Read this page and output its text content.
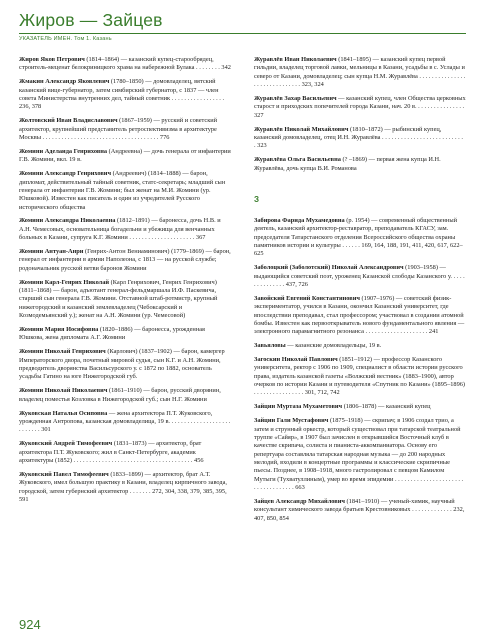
Жиров — Зайцев
УКАЗАТЕЛЬ ИМЕН. Том 1. Казань
Жиров Яков Петрович (1814–1864) — казанский купец-старообрядец, строитель-меценат белокриницкого храма на набережной Булака . . . . . . . . 342
Жмакин Александр Яковлевич (1780–1850) — домовладелец, вятский казанский вице-губернатор, затем симбирский губернатор, с 1837 — член совета Министерства внутренних дел, тайный советник . . . . . . . . . . . . . . . . . 236, 378
Жолтовский Иван Владиславович (1867–1959) — русский и советский архитектор, крупнейший представитель ретроспективизма в архитектуре Москвы . . . . . . . . . . . . . . . . . . . . . . . . . . . . . . . . . . . . . 776
Жомини Аделаида Генриховна (Андреевна) — дочь генерала от инфантерии Г.В. Жомини, вкл. 19 в.
Жомини Александр Генрихович (Андреевич) (1814–1888) — барон, дипломат, действительный тайный советник, статс-секретарь; младший сын генерала от инфантерии Г.В. Жомини; был женат на М.И. Жомини (ур. Юшковой). Известен как писатель и один из учредителей Русского исторического общества
Жомини Александра Николаевна (1812–1891) — баронесса, дочь Н.В. и А.Н. Чемесовых, основательница богадельни и убежища для венчанных больных в Казани, супруга К.Г. Жомини . . . . . . . . . . . . . . . . . . . . . 367
Жомини Антуан-Анри (Генрих-Антон Вениаминович) (1779–1869) — барон, генерал от инфантерии в армии Наполеона, с 1813 — на русской службе; родоначальник русской ветви баронов Жомини
Жомини Карл-Генрих Николай (Карл Генрихович, Генрих Генрихович) (1811–1868) — барон, адъютант генерал-фельдмаршала И.Ф. Паскевича, старший сын генерала Г.В. Жомини. Отставной штаб-ротмистр, крупный нижегородский и казанский землевладелец (Чебоксарский и Козмодемьянский у.); женат на А.Н. Жомини (ур. Чемесовой)
Жомини Мария Иосифовна (1820–1886) — баронесса, урожденная Юшкова, жена дипломата А.Г. Жомини
Жомини Николай Генрихович (Карлович) (1837–1902) — барон, камергер Императорского двора, почетный мировой судья, сын К.Г. и А.Н. Жомини, предводитель дворянства Васильсурского у. с 1872 по 1882, основатель усадьбы Гатино на юге Нижегородской губ.
Жомини Николай Николаевич (1861–1910) — барон, русский дворянин, владелец поместья Козловка в Нижегородской губ.; сын Н.Г. Жомини
Жуковская Наталья Осиповна — жена архитектора П.Т. Жуковского, урожденная Антропова, казанская домовладелица, 19 в. . . . . . . . . . . . . . . . . . . . . . . . . . . 301
Жуковский Андрей Тимофеевич (1831–1873) — архитектор, брат архитектора П.Т. Жуковского; жил в Санкт-Петербурге, академик архитектуры (1852) . . . . . . . . . . . . . . . . . . . . . . . . . . . . . . . . . . . . . . 456
Жуковский Павел Тимофеевич (1833–1899) — архитектор, брат А.Т. Жуковского, имел большую практику в Казани, владелец кирпичного завода, городской, затем губернский архитектор . . . . . . . 272, 304, 338, 379, 385, 395, 591
Журавлёв Иван Николаевич (1841–1895) — казанский купец первой гильдии, владелец торговой лавки, мельницы в Казани, усадьбы в с. Услады и северо от Казани, домовладелец; сын купца Н.М. Журавлёва . . . . . . . . . . . . . . . . . . . . . . . . . . . . . . 323, 324
Журавлёв Захар Васильевич — казанский купец, член Общества церковных старост и приходских попечителей города Казани, нач. 20 в. . . . . . . . . . . . . . . . 327
Журавлёв Николай Михайлович (1810–1872) — рыбинский купец, казанский домовладелец, отец И.Н. Журавлёва . . . . . . . . . . . . . . . . . . . . . . . . . . . 323
Журавлёва Ольга Васильевна (? –1869) — первая жена купца И.Н. Журавлёва, дочь купца В.И. Романова
З
Забирова Фарида Мухамедовна (р. 1954) — современный общественный деятель, казанский архитектор-реставратор, преподаватель КГАСУ, зам. председателя Татарстанского отделения Всероссийского общества охраны памятников истории и культуры . . . . . . 169, 164, 188, 191, 411, 420, 617, 622–625
Заболоцкий (Заболотский) Николай Александрович (1903–1958) — выдающийся советский поэт, уроженец Казанской слободы Казанского у. . . . . . . . . . . . . . . 437, 726
Завойский Евгений Константинович (1907–1976) — советский физик-экспериментатор, учился в Казани, окончил Казанский университет, где впоследствии преподавал, стал профессором; участвовал в создании атомной бомбы. Известен как первооткрыватель нового фундаментального явления — электронного парамагнитного резонанса . . . . . . . . . . . . . . . . . . . . 241
Завьяловы — казанские домовладельцы, 19 в.
Загоскин Николай Павлович (1851–1912) — профессор Казанского университета, ректор с 1906 по 1909, специалист в области истории русского права, издатель казанской газеты «Волжский вестник» (1883–1900), автор очерков по истории Казани и путеводителя «Спутник по Казани» (1895–1896) . . . . . . . . . . . . . . . . 301, 712, 742
Зайцин Муртаза Мухаметович (1806–1878) — казанский купец
Зайцин Гали Мустафович (1875–1918) — скрипач; в 1906 создал трио, а затем и струнный оркестр, который существовал при татарской театральной труппе «Сайяр», в 1907 был зачислен в открывшийся Восточный клуб в качестве скрипача, солиста и пианиста-аккомпаниатора. Основу его репертуара составляла татарская народная музыка — до 200 народных мелодий, входили в концертные программы и классические скрипичные пьесы. Позднее, в 1908–1918, много гастролировал с певцом Камилом Мутыги (Тухватуллиным), умер во время эпидемии . . . . . . . . . . . . . . . . . . . . . . . . . . . . . . . . . . . 663
Зайцев Александр Михайлович (1841–1910) — ученый-химик, научный консультант химического завода братьев Крестовниковых . . . . . . . . . . . . . 232, 407, 850, 854
924
